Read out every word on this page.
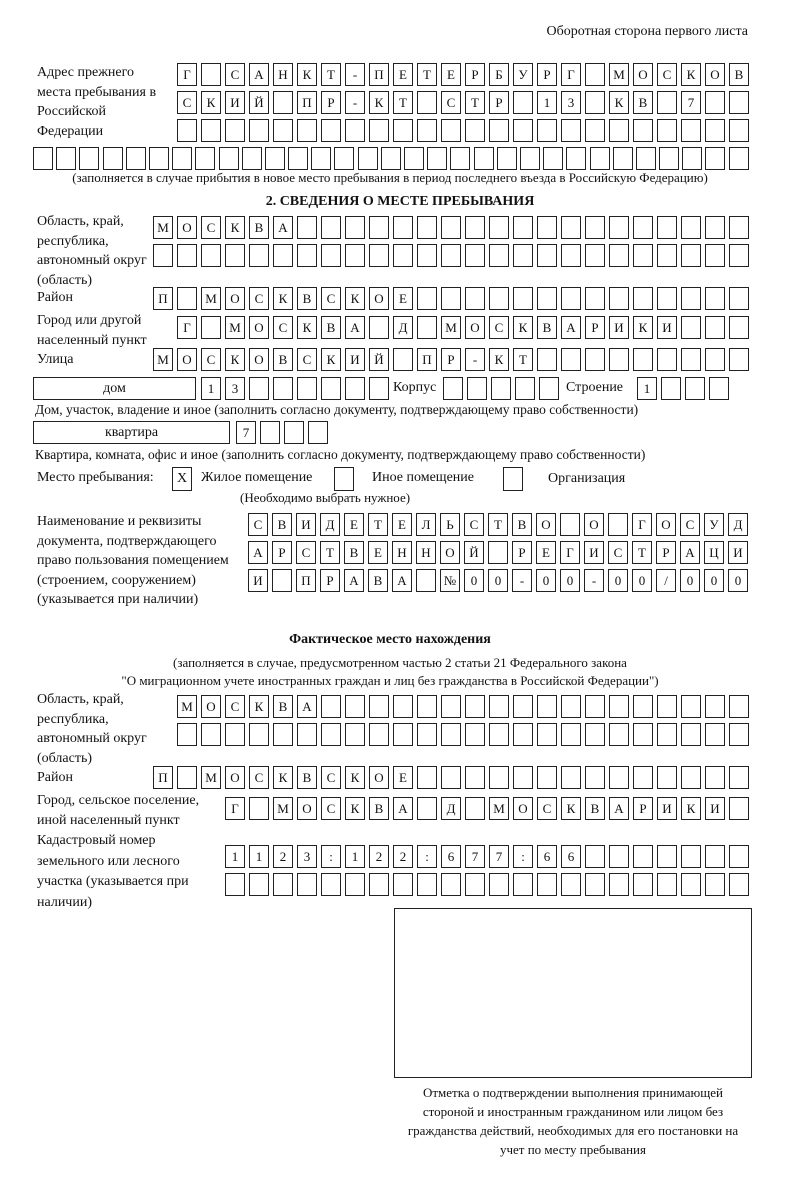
Оборотная сторона первого листа
Адрес прежнего места пребывания в Российской Федерации
Г	С	А	Н	К	Т	-	П	Е	Т	Е	Р	Б	У	Р	Г	М	О	С	К	О	В
С	К	И	Й	П	Р	-	К	Т	С	Т	Р	1	3	К	В	7
(заполняется в случае прибытия в новое место пребывания в период последнего въезда в Российскую Федерацию)
2. СВЕДЕНИЯ О МЕСТЕ ПРЕБЫВАНИЯ
Область, край, республика, автономный округ (область)
М	О	С	К	В	А
Район	П	М	О	С	К	В	С	К	О	Е
Город или другой населенный пункт
Г	М	О	С	К	В	А	Д	М	О	С	К	В	А	Р	И	К	И
Улица	М	О	С	К	О	В	С	К	И	Й	П	Р	-	К	Т
дом	1	3	Корпус	Строение	1
Дом, участок, владение и иное (заполнить согласно документу, подтверждающему право собственности)
квартира	7
Квартира, комната, офис и иное (заполнить согласно документу, подтверждающему право собственности)
Место пребывания:	X Жилое помещение	Иное помещение	Организация
(Необходимо выбрать нужное)
Наименование и реквизиты документа, подтверждающего право пользования помещением (строением, сооружением) (указывается при наличии)
С	В	И	Д	Е	Т	Е	Л	Ь	С	Т	В	О	О	Г	О	С	У	Д
А	Р	С	Т	В	Е	Н	Н	О	Й	Р	Е	Г	И	С	Т	Р	А	Ц	И
И	П	Р	А	В	А	№	0	0	-	0	0	-	0	0	/	0	0	0
Фактическое место нахождения
(заполняется в случае, предусмотренном частью 2 статьи 21 Федерального закона
"О миграционном учете иностранных граждан и лиц без гражданства в Российской Федерации")
Область, край, республика, автономный округ (область)
М	О	С	К	В	А
Район	П	М	О	С	К	В	С	К	О	Е
Город, сельское поселение, иной населенный пункт
Г	М	О	С	К	В	А	Д	М	О	С	К	В	А	Р	И	К	И
Кадастровый номер земельного или лесного участка (указывается при наличии)
1	1	2	3	:	1	2	2	:	6	7	7	:	6	6
Отметка о подтверждении выполнения принимающей стороной и иностранным гражданином или лицом без гражданства действий, необходимых для его постановки на учет по месту пребывания
